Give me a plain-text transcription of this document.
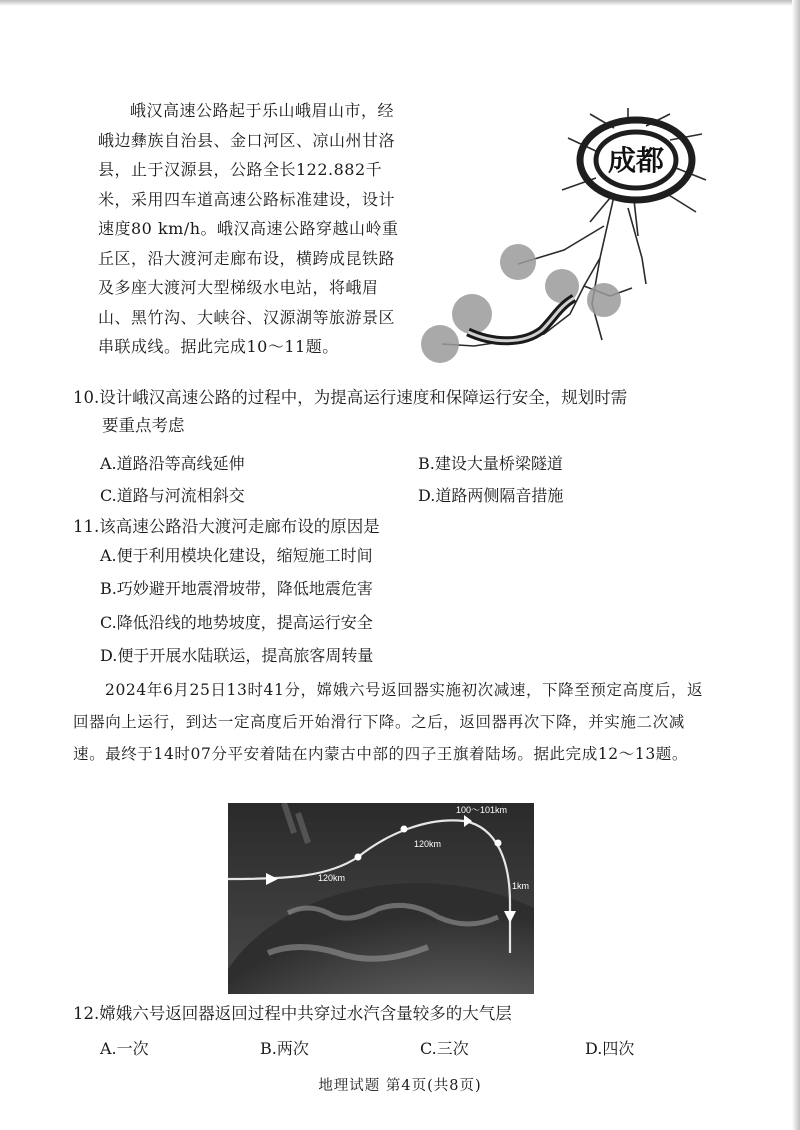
峨汉高速公路起于乐山峨眉山市，经峨边彝族自治县、金口河区、凉山州甘洛县，止于汉源县，公路全长122.882千米，采用四车道高速公路标准建设，设计速度80 km/h。峨汉高速公路穿越山岭重丘区，沿大渡河走廊布设，横跨成昆铁路及多座大渡河大型梯级水电站，将峨眉山、黑竹沟、大峡谷、汉源湖等旅游景区串联成线。据此完成10～11题。

成都
10.设计峨汉高速公路的过程中，为提高运行速度和保障运行安全，规划时需
要重点考虑
A.道路沿等高线延伸	B.建设大量桥梁隧道
C.道路与河流相斜交	D.道路两侧隔音措施
11.该高速公路沿大渡河走廊布设的原因是
A.便于利用模块化建设，缩短施工时间
B.巧妙避开地震滑坡带，降低地震危害
C.降低沿线的地势坡度，提高运行安全
D.便于开展水陆联运，提高旅客周转量

2024年6月25日13时41分，嫦娥六号返回器实施初次减速，下降至预定高度后，返回器向上运行，到达一定高度后开始滑行下降。之后，返回器再次下降，并实施二次减速。最终于14时07分平安着陆在内蒙古中部的四子王旗着陆场。据此完成12～13题。

100～101km
120km
120km
1km
12.嫦娥六号返回器返回过程中共穿过水汽含量较多的大气层
A.一次	B.两次	C.三次	D.四次
地理试题 第4页(共8页)
